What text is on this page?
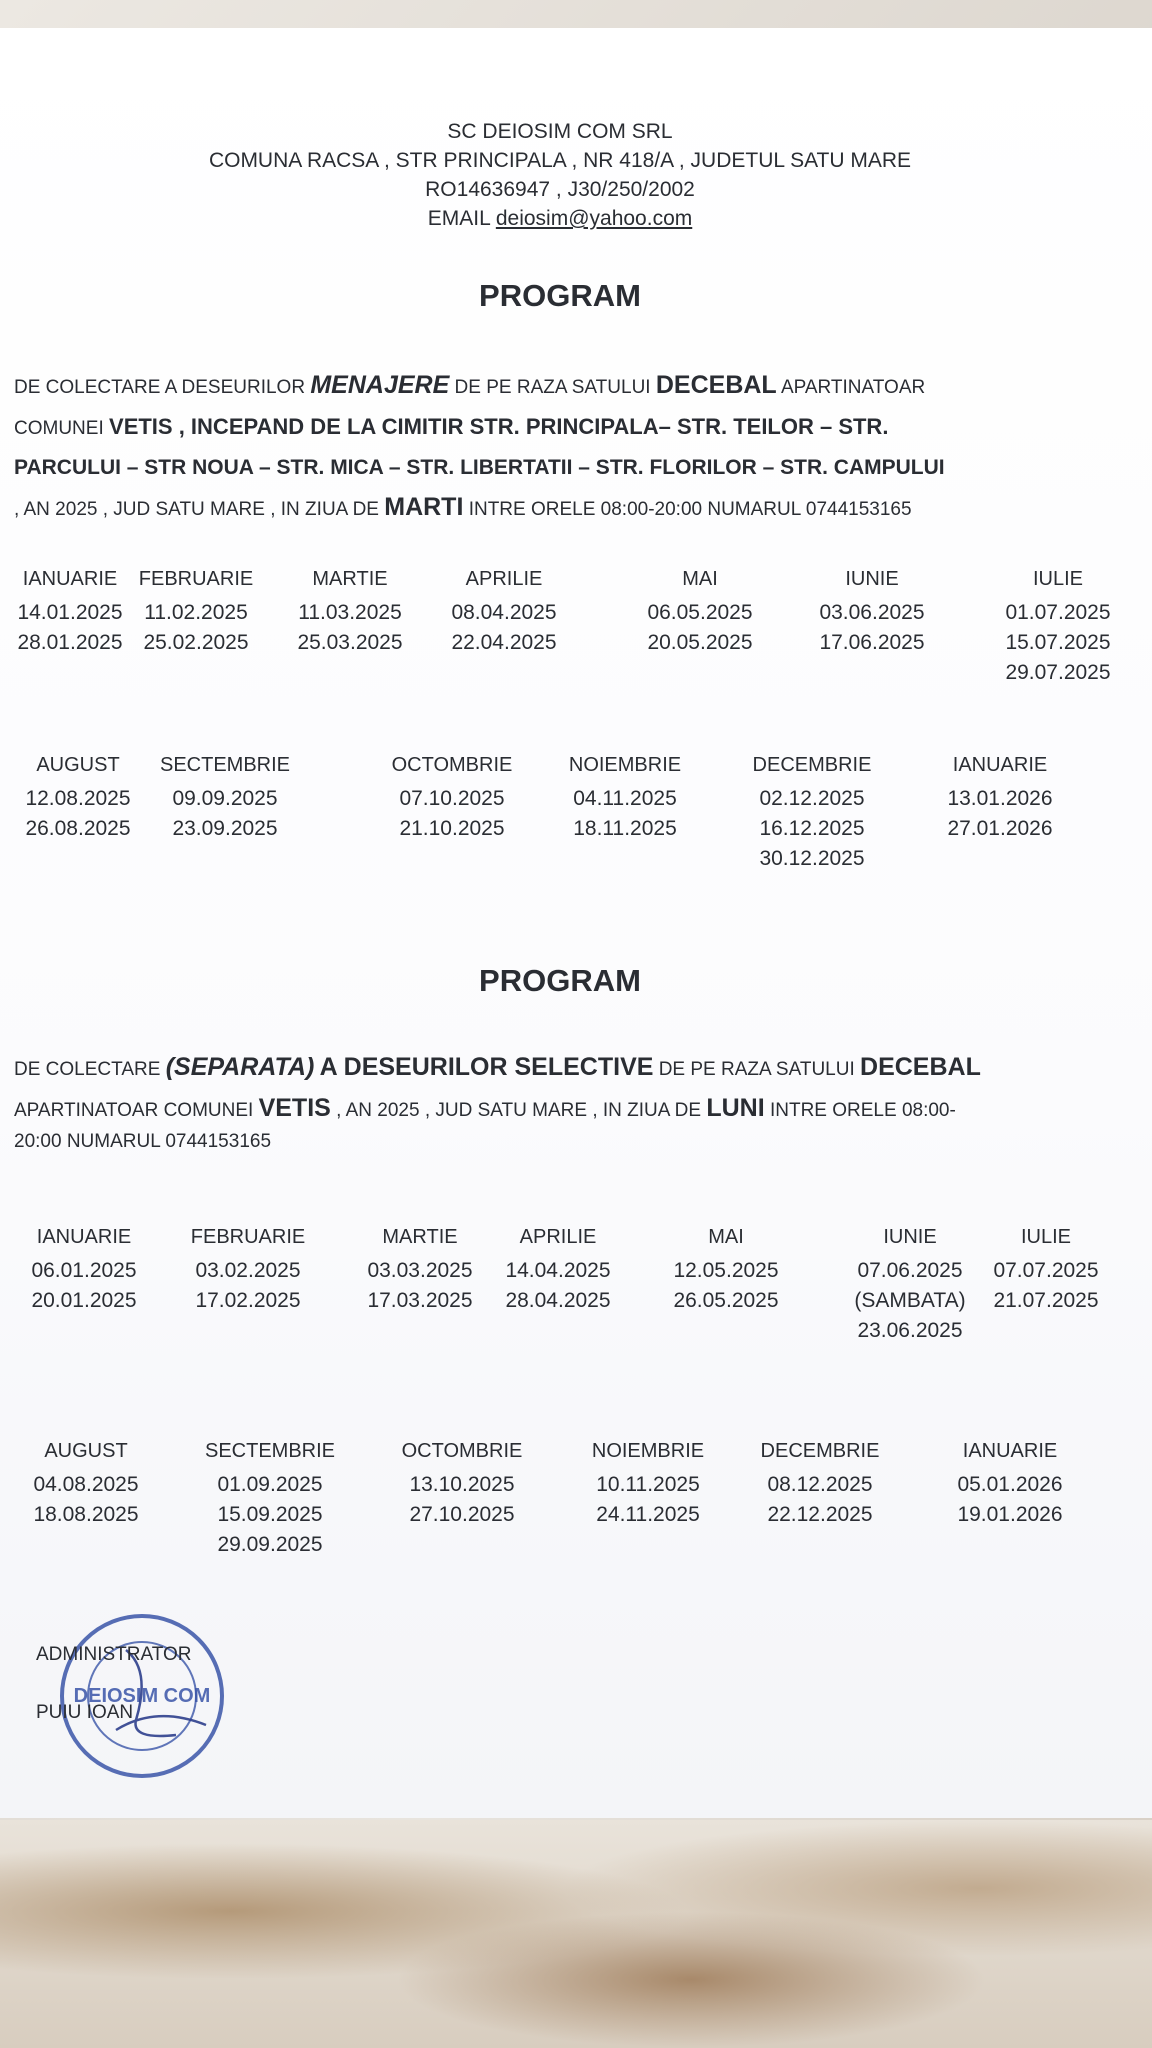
SC DEIOSIM COM SRL
COMUNA RACSA , STR PRINCIPALA , NR 418/A , JUDETUL SATU MARE
RO14636947 , J30/250/2002
EMAIL deiosim@yahoo.com
PROGRAM
DE COLECTARE A DESEURILOR MENAJERE DE PE RAZA SATULUI DECEBAL APARTINATOAR
COMUNEI VETIS , INCEPAND DE LA CIMITIR STR. PRINCIPALA– STR. TEILOR – STR.
PARCULUI – STR NOUA – STR. MICA – STR. LIBERTATII – STR. FLORILOR – STR. CAMPULUI
, AN 2025 , JUD SATU MARE , IN ZIUA DE MARTI INTRE ORELE 08:00-20:00 NUMARUL 0744153165
IANUARIE
14.01.2025
28.01.2025
FEBRUARIE
11.02.2025
25.02.2025
MARTIE
11.03.2025
25.03.2025
APRILIE
08.04.2025
22.04.2025
MAI
06.05.2025
20.05.2025
IUNIE
03.06.2025
17.06.2025
IULIE
01.07.2025
15.07.2025
29.07.2025
AUGUST
12.08.2025
26.08.2025
SECTEMBRIE
09.09.2025
23.09.2025
OCTOMBRIE
07.10.2025
21.10.2025
NOIEMBRIE
04.11.2025
18.11.2025
DECEMBRIE
02.12.2025
16.12.2025
30.12.2025
IANUARIE
13.01.2026
27.01.2026
PROGRAM
DE COLECTARE (SEPARATA) A DESEURILOR SELECTIVE DE PE RAZA SATULUI DECEBAL
APARTINATOAR COMUNEI VETIS , AN 2025 , JUD SATU MARE , IN ZIUA DE LUNI INTRE ORELE 08:00-
20:00 NUMARUL 0744153165
IANUARIE
06.01.2025
20.01.2025
FEBRUARIE
03.02.2025
17.02.2025
MARTIE
03.03.2025
17.03.2025
APRILIE
14.04.2025
28.04.2025
MAI
12.05.2025
26.05.2025
IUNIE
07.06.2025
(SAMBATA)
23.06.2025
IULIE
07.07.2025
21.07.2025
AUGUST
04.08.2025
18.08.2025
SECTEMBRIE
01.09.2025
15.09.2025
29.09.2025
OCTOMBRIE
13.10.2025
27.10.2025
NOIEMBRIE
10.11.2025
24.11.2025
DECEMBRIE
08.12.2025
22.12.2025
IANUARIE
05.01.2026
19.01.2026
DEIOSIM COM
ADMINISTRATOR
PUIU IOAN
